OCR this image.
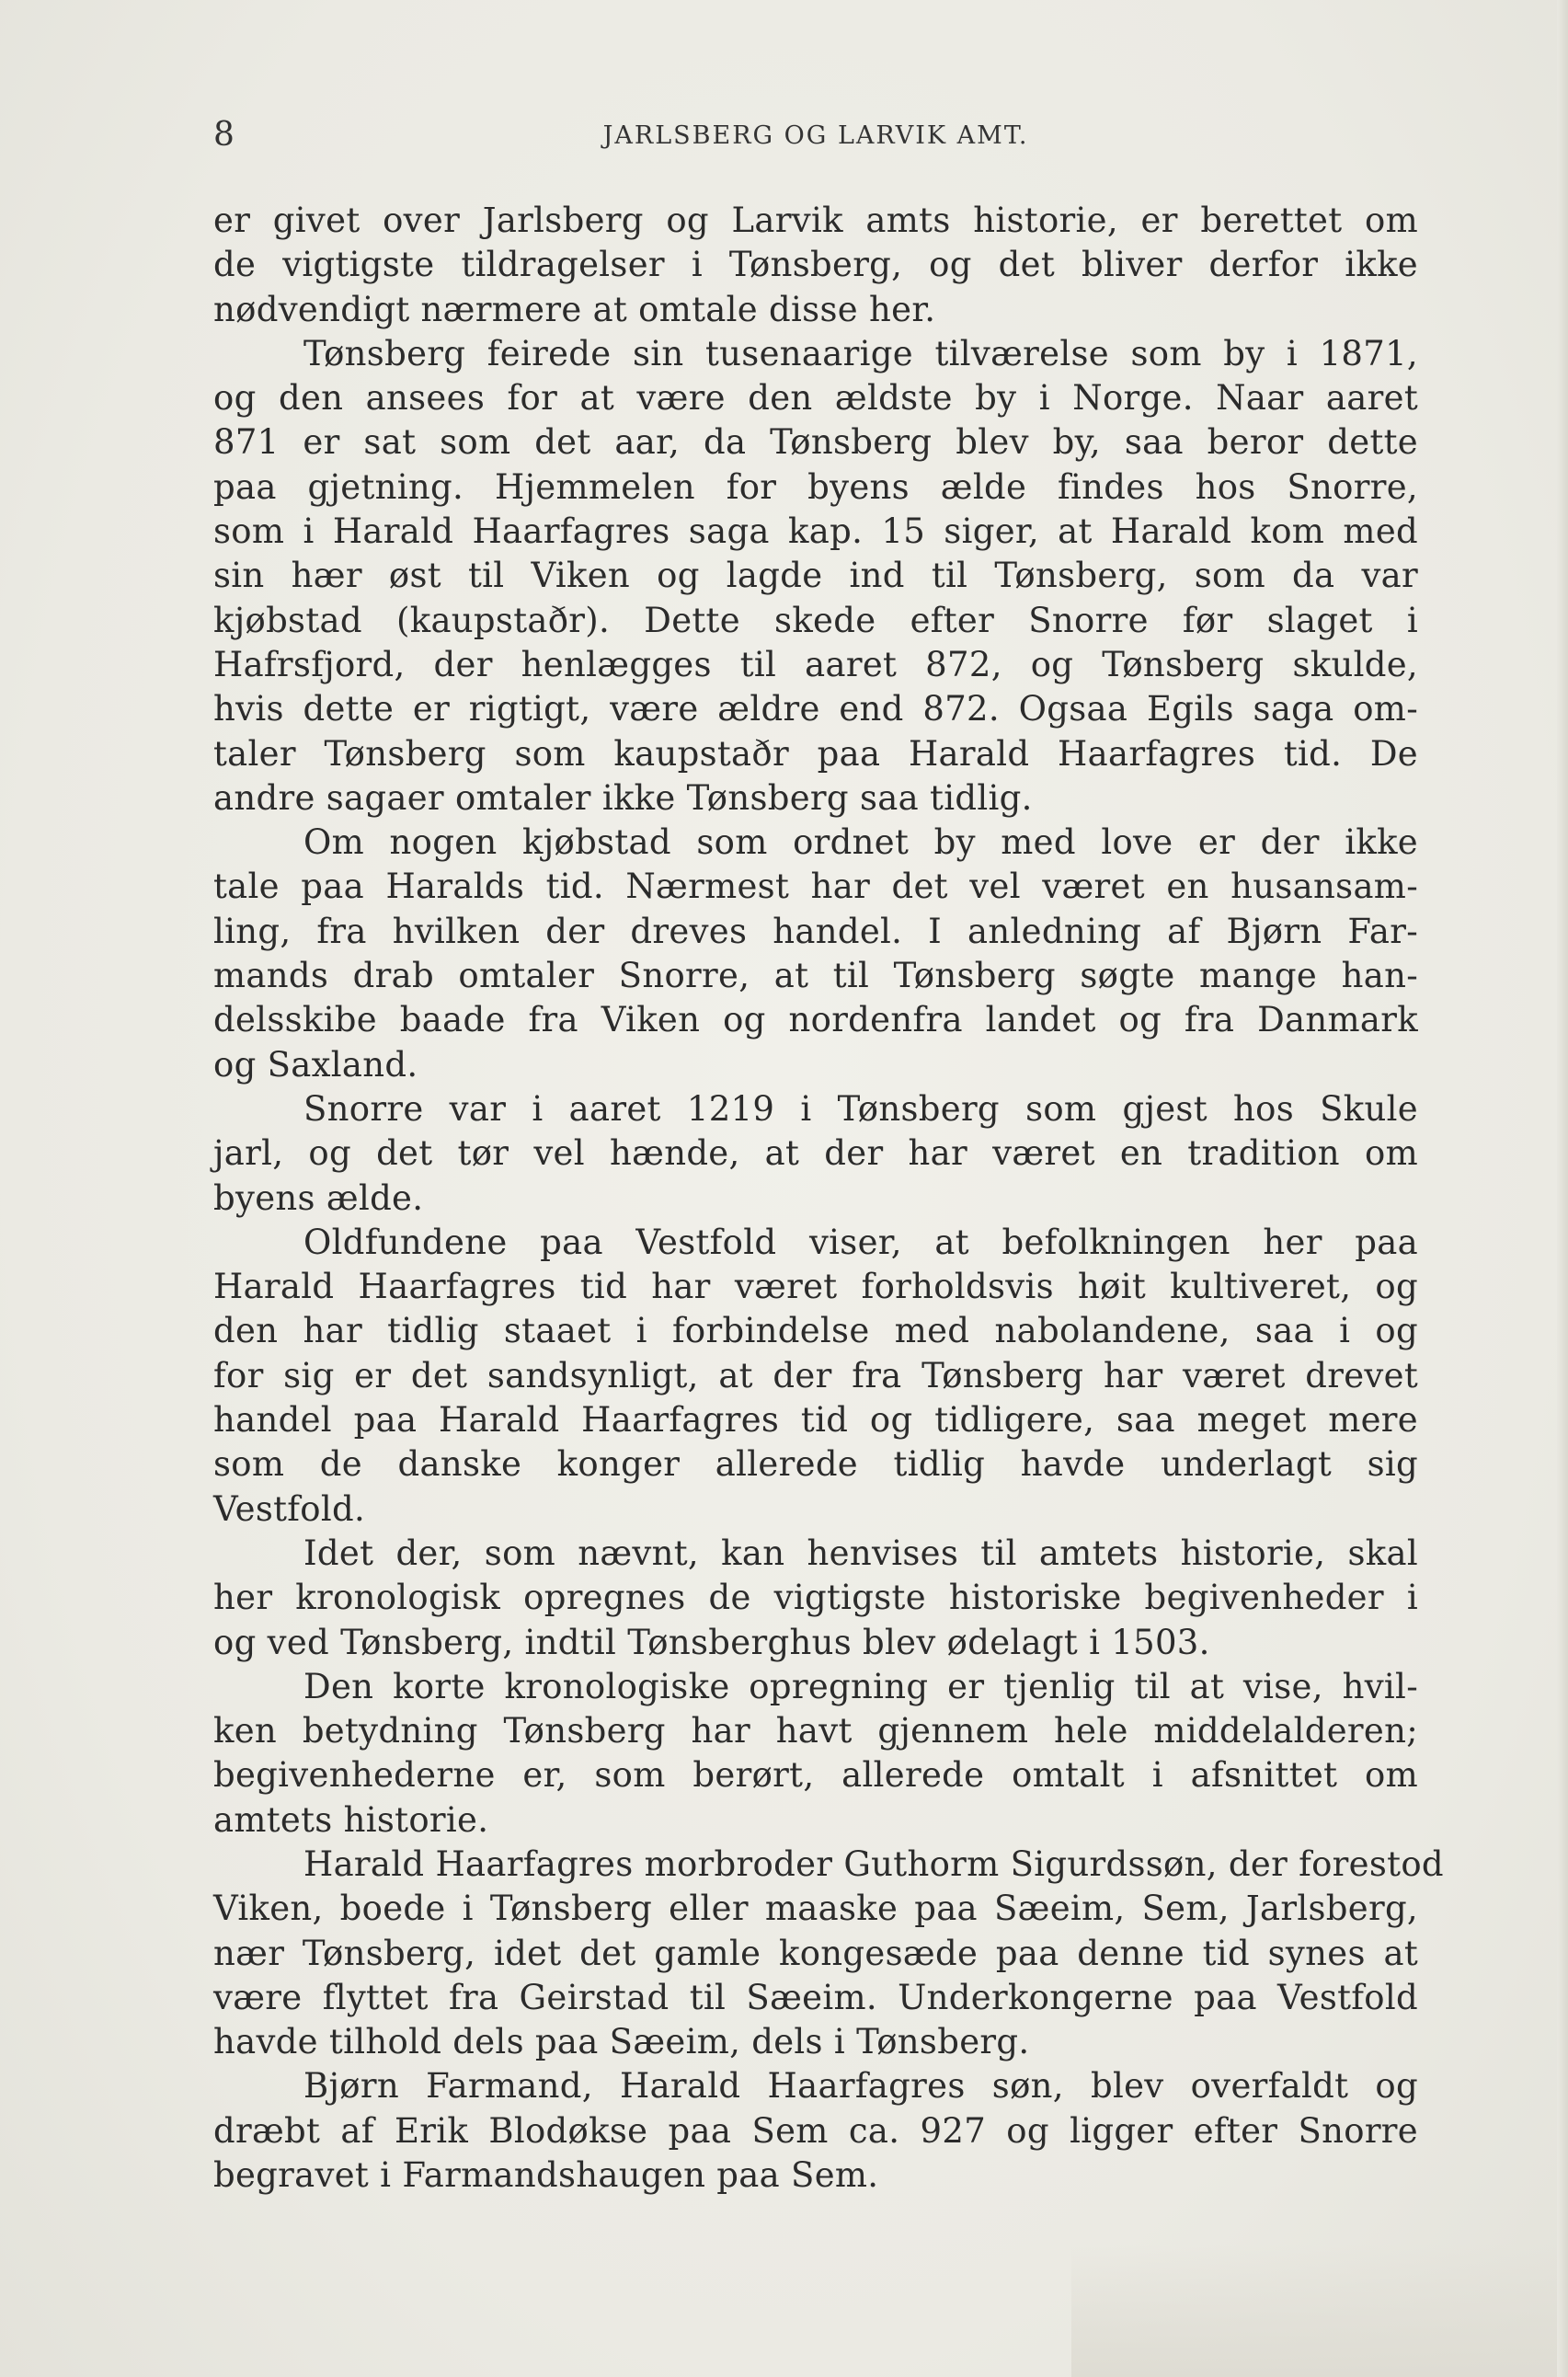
8	JARLSBERG OG LARVIK AMT.
er givet over Jarlsberg og Larvik amts historie, er berettet om
de vigtigste tildragelser i Tønsberg, og det bliver derfor ikke
nødvendigt nærmere at omtale disse her.
Tønsberg feirede sin tusenaarige tilværelse som by i 1871,
og den ansees for at være den ældste by i Norge. Naar aaret
871 er sat som det aar, da Tønsberg blev by, saa beror dette
paa gjetning. Hjemmelen for byens ælde findes hos Snorre,
som i Harald Haarfagres saga kap. 15 siger, at Harald kom med
sin hær øst til Viken og lagde ind til Tønsberg, som da var
kjøbstad (kaupstaðr). Dette skede efter Snorre før slaget i
Hafrsfjord, der henlægges til aaret 872, og Tønsberg skulde,
hvis dette er rigtigt, være ældre end 872. Ogsaa Egils saga om-
taler Tønsberg som kaupstaðr paa Harald Haarfagres tid. De
andre sagaer omtaler ikke Tønsberg saa tidlig.
Om nogen kjøbstad som ordnet by med love er der ikke
tale paa Haralds tid. Nærmest har det vel været en husansam-
ling, fra hvilken der dreves handel. I anledning af Bjørn Far-
mands drab omtaler Snorre, at til Tønsberg søgte mange han-
delsskibe baade fra Viken og nordenfra landet og fra Danmark
og Saxland.
Snorre var i aaret 1219 i Tønsberg som gjest hos Skule
jarl, og det tør vel hænde, at der har været en tradition om
byens ælde.
Oldfundene paa Vestfold viser, at befolkningen her paa
Harald Haarfagres tid har været forholdsvis høit kultiveret, og
den har tidlig staaet i forbindelse med nabolandene, saa i og
for sig er det sandsynligt, at der fra Tønsberg har været drevet
handel paa Harald Haarfagres tid og tidligere, saa meget mere
som de danske konger allerede tidlig havde underlagt sig
Vestfold.
Idet der, som nævnt, kan henvises til amtets historie, skal
her kronologisk opregnes de vigtigste historiske begivenheder i
og ved Tønsberg, indtil Tønsberghus blev ødelagt i 1503.
Den korte kronologiske opregning er tjenlig til at vise, hvil-
ken betydning Tønsberg har havt gjennem hele middelalderen;
begivenhederne er, som berørt, allerede omtalt i afsnittet om
amtets historie.
Harald Haarfagres morbroder Guthorm Sigurdssøn, der forestod
Viken, boede i Tønsberg eller maaske paa Sæeim, Sem, Jarlsberg,
nær Tønsberg, idet det gamle kongesæde paa denne tid synes at
være flyttet fra Geirstad til Sæeim. Underkongerne paa Vestfold
havde tilhold dels paa Sæeim, dels i Tønsberg.
Bjørn Farmand, Harald Haarfagres søn, blev overfaldt og
dræbt af Erik Blodøkse paa Sem ca. 927 og ligger efter Snorre
begravet i Farmandshaugen paa Sem.
